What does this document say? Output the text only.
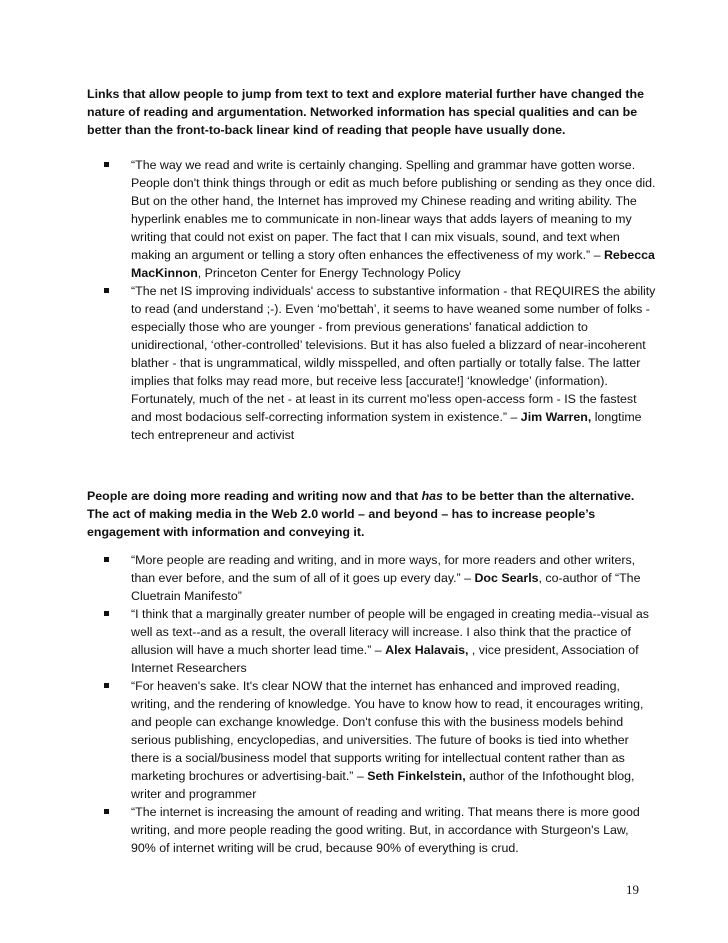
Links that allow people to jump from text to text and explore material further have changed the nature of reading and argumentation. Networked information has special qualities and can be better than the front-to-back linear kind of reading that people have usually done.
“The way we read and write is certainly changing. Spelling and grammar have gotten worse. People don't think things through or edit as much before publishing or sending as they once did. But on the other hand, the Internet has improved my Chinese reading and writing ability. The hyperlink enables me to communicate in non-linear ways that adds layers of meaning to my writing that could not exist on paper. The fact that I can mix visuals, sound, and text when making an argument or telling a story often enhances the effectiveness of my work.” – Rebecca MacKinnon, Princeton Center for Energy Technology Policy
“The net IS improving individuals' access to substantive information - that REQUIRES the ability to read (and understand ;-). Even ‘mo'bettah’, it seems to have weaned some number of folks - especially those who are younger - from previous generations' fanatical addiction to unidirectional, ‘other-controlled’ televisions. But it has also fueled a blizzard of near-incoherent blather - that is ungrammatical, wildly misspelled, and often partially or totally false. The latter implies that folks may read more, but receive less [accurate!] ‘knowledge’ (information). Fortunately, much of the net - at least in its current mo'less open-access form - IS the fastest and most bodacious self-correcting information system in existence.” – Jim Warren, longtime tech entrepreneur and activist
People are doing more reading and writing now and that has to be better than the alternative. The act of making media in the Web 2.0 world – and beyond – has to increase people’s engagement with information and conveying it.
“More people are reading and writing, and in more ways, for more readers and other writers, than ever before, and the sum of all of it goes up every day.” – Doc Searls, co-author of “The Cluetrain Manifesto”
“I think that a marginally greater number of people will be engaged in creating media--visual as well as text--and as a result, the overall literacy will increase. I also think that the practice of allusion will have a much shorter lead time.” – Alex Halavais, , vice president, Association of Internet Researchers
“For heaven's sake. It's clear NOW that the internet has enhanced and improved reading, writing, and the rendering of knowledge. You have to know how to read, it encourages writing, and people can exchange knowledge. Don't confuse this with the business models behind serious publishing, encyclopedias, and universities. The future of books is tied into whether there is a social/business model that supports writing for intellectual content rather than as marketing brochures or advertising-bait.” – Seth Finkelstein, author of the Infothought blog, writer and programmer
“The internet is increasing the amount of reading and writing. That means there is more good writing, and more people reading the good writing. But, in accordance with Sturgeon's Law, 90% of internet writing will be crud, because 90% of everything is crud.
19
